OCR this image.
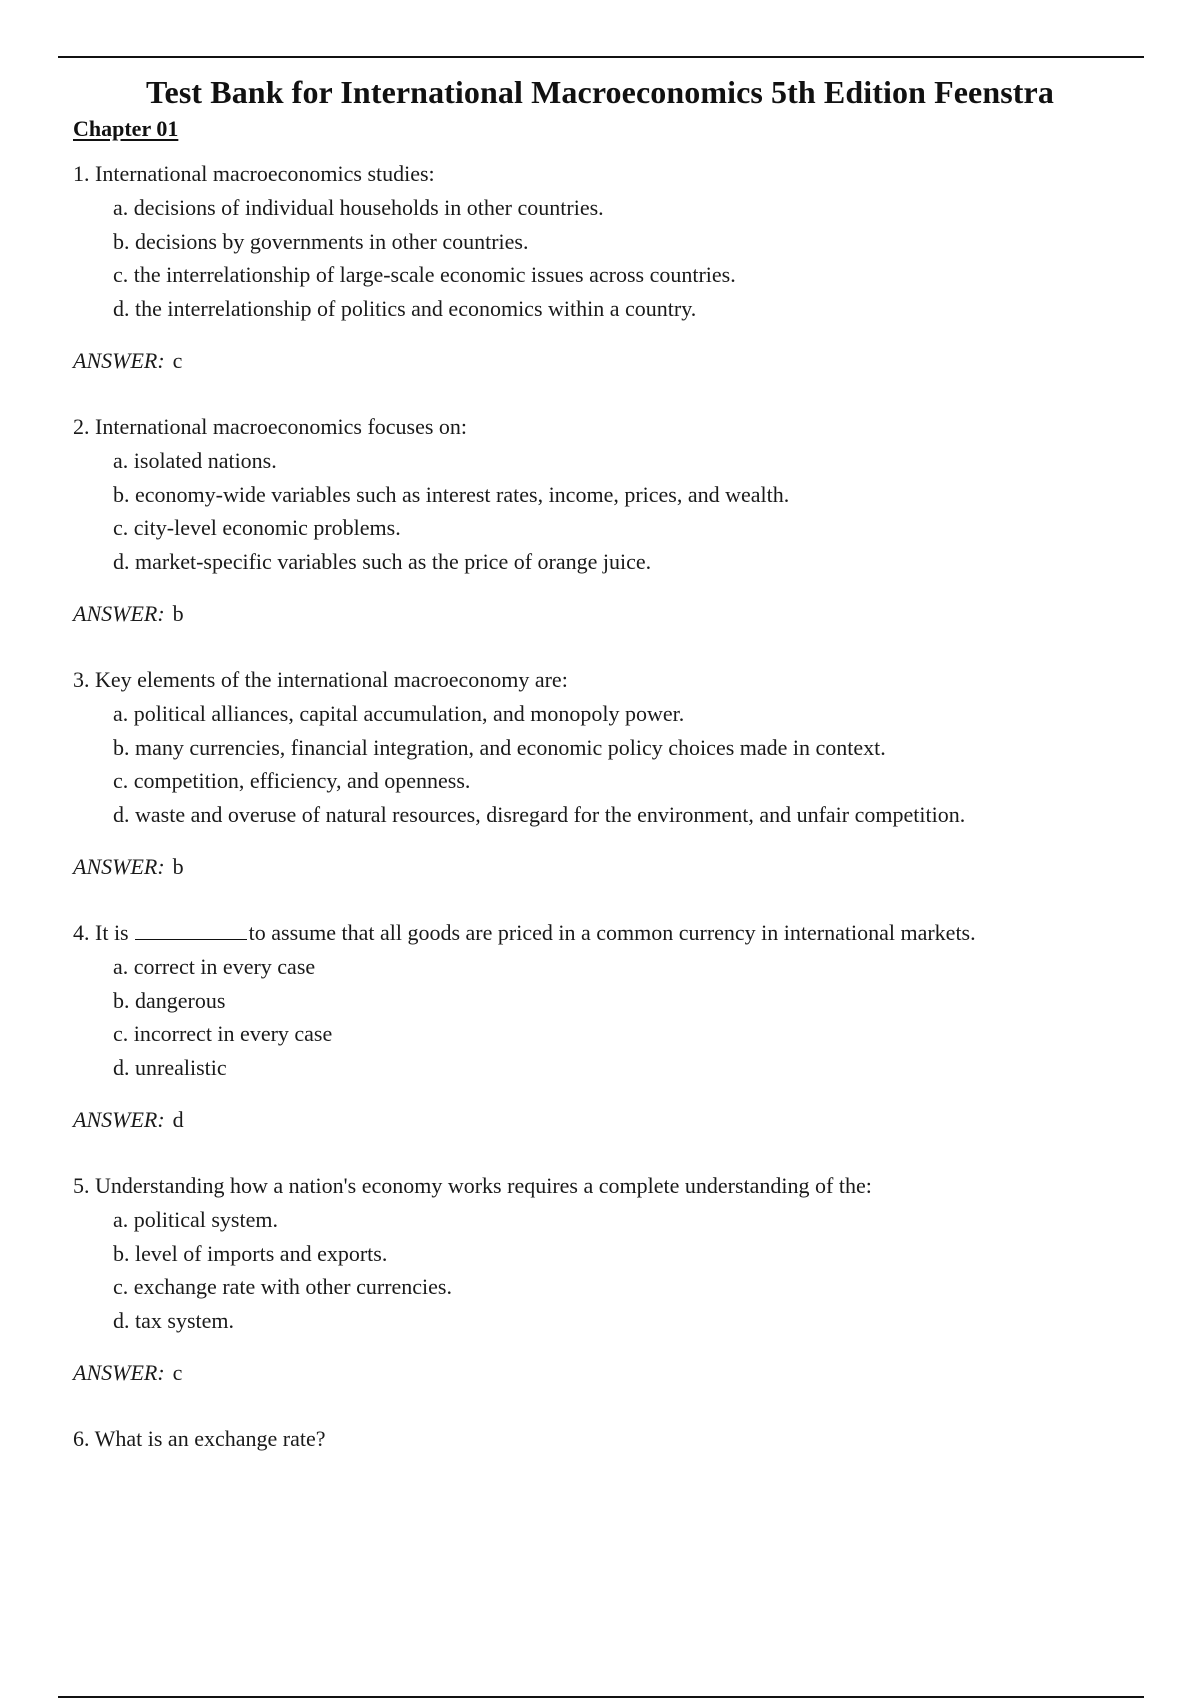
Test Bank for International Macroeconomics 5th Edition Feenstra
Chapter 01
1. International macroeconomics studies:
a. decisions of individual households in other countries.
b. decisions by governments in other countries.
c. the interrelationship of large-scale economic issues across countries.
d. the interrelationship of politics and economics within a country.
ANSWER: c
2. International macroeconomics focuses on:
a. isolated nations.
b. economy-wide variables such as interest rates, income, prices, and wealth.
c. city-level economic problems.
d. market-specific variables such as the price of orange juice.
ANSWER: b
3. Key elements of the international macroeconomy are:
a. political alliances, capital accumulation, and monopoly power.
b. many currencies, financial integration, and economic policy choices made in context.
c. competition, efficiency, and openness.
d. waste and overuse of natural resources, disregard for the environment, and unfair competition.
ANSWER: b
4. It is	to assume that all goods are priced in a common currency in international markets.
a. correct in every case
b. dangerous
c. incorrect in every case
d. unrealistic
ANSWER: d
5. Understanding how a nation's economy works requires a complete understanding of the:
a. political system.
b. level of imports and exports.
c. exchange rate with other currencies.
d. tax system.
ANSWER: c
6. What is an exchange rate?
